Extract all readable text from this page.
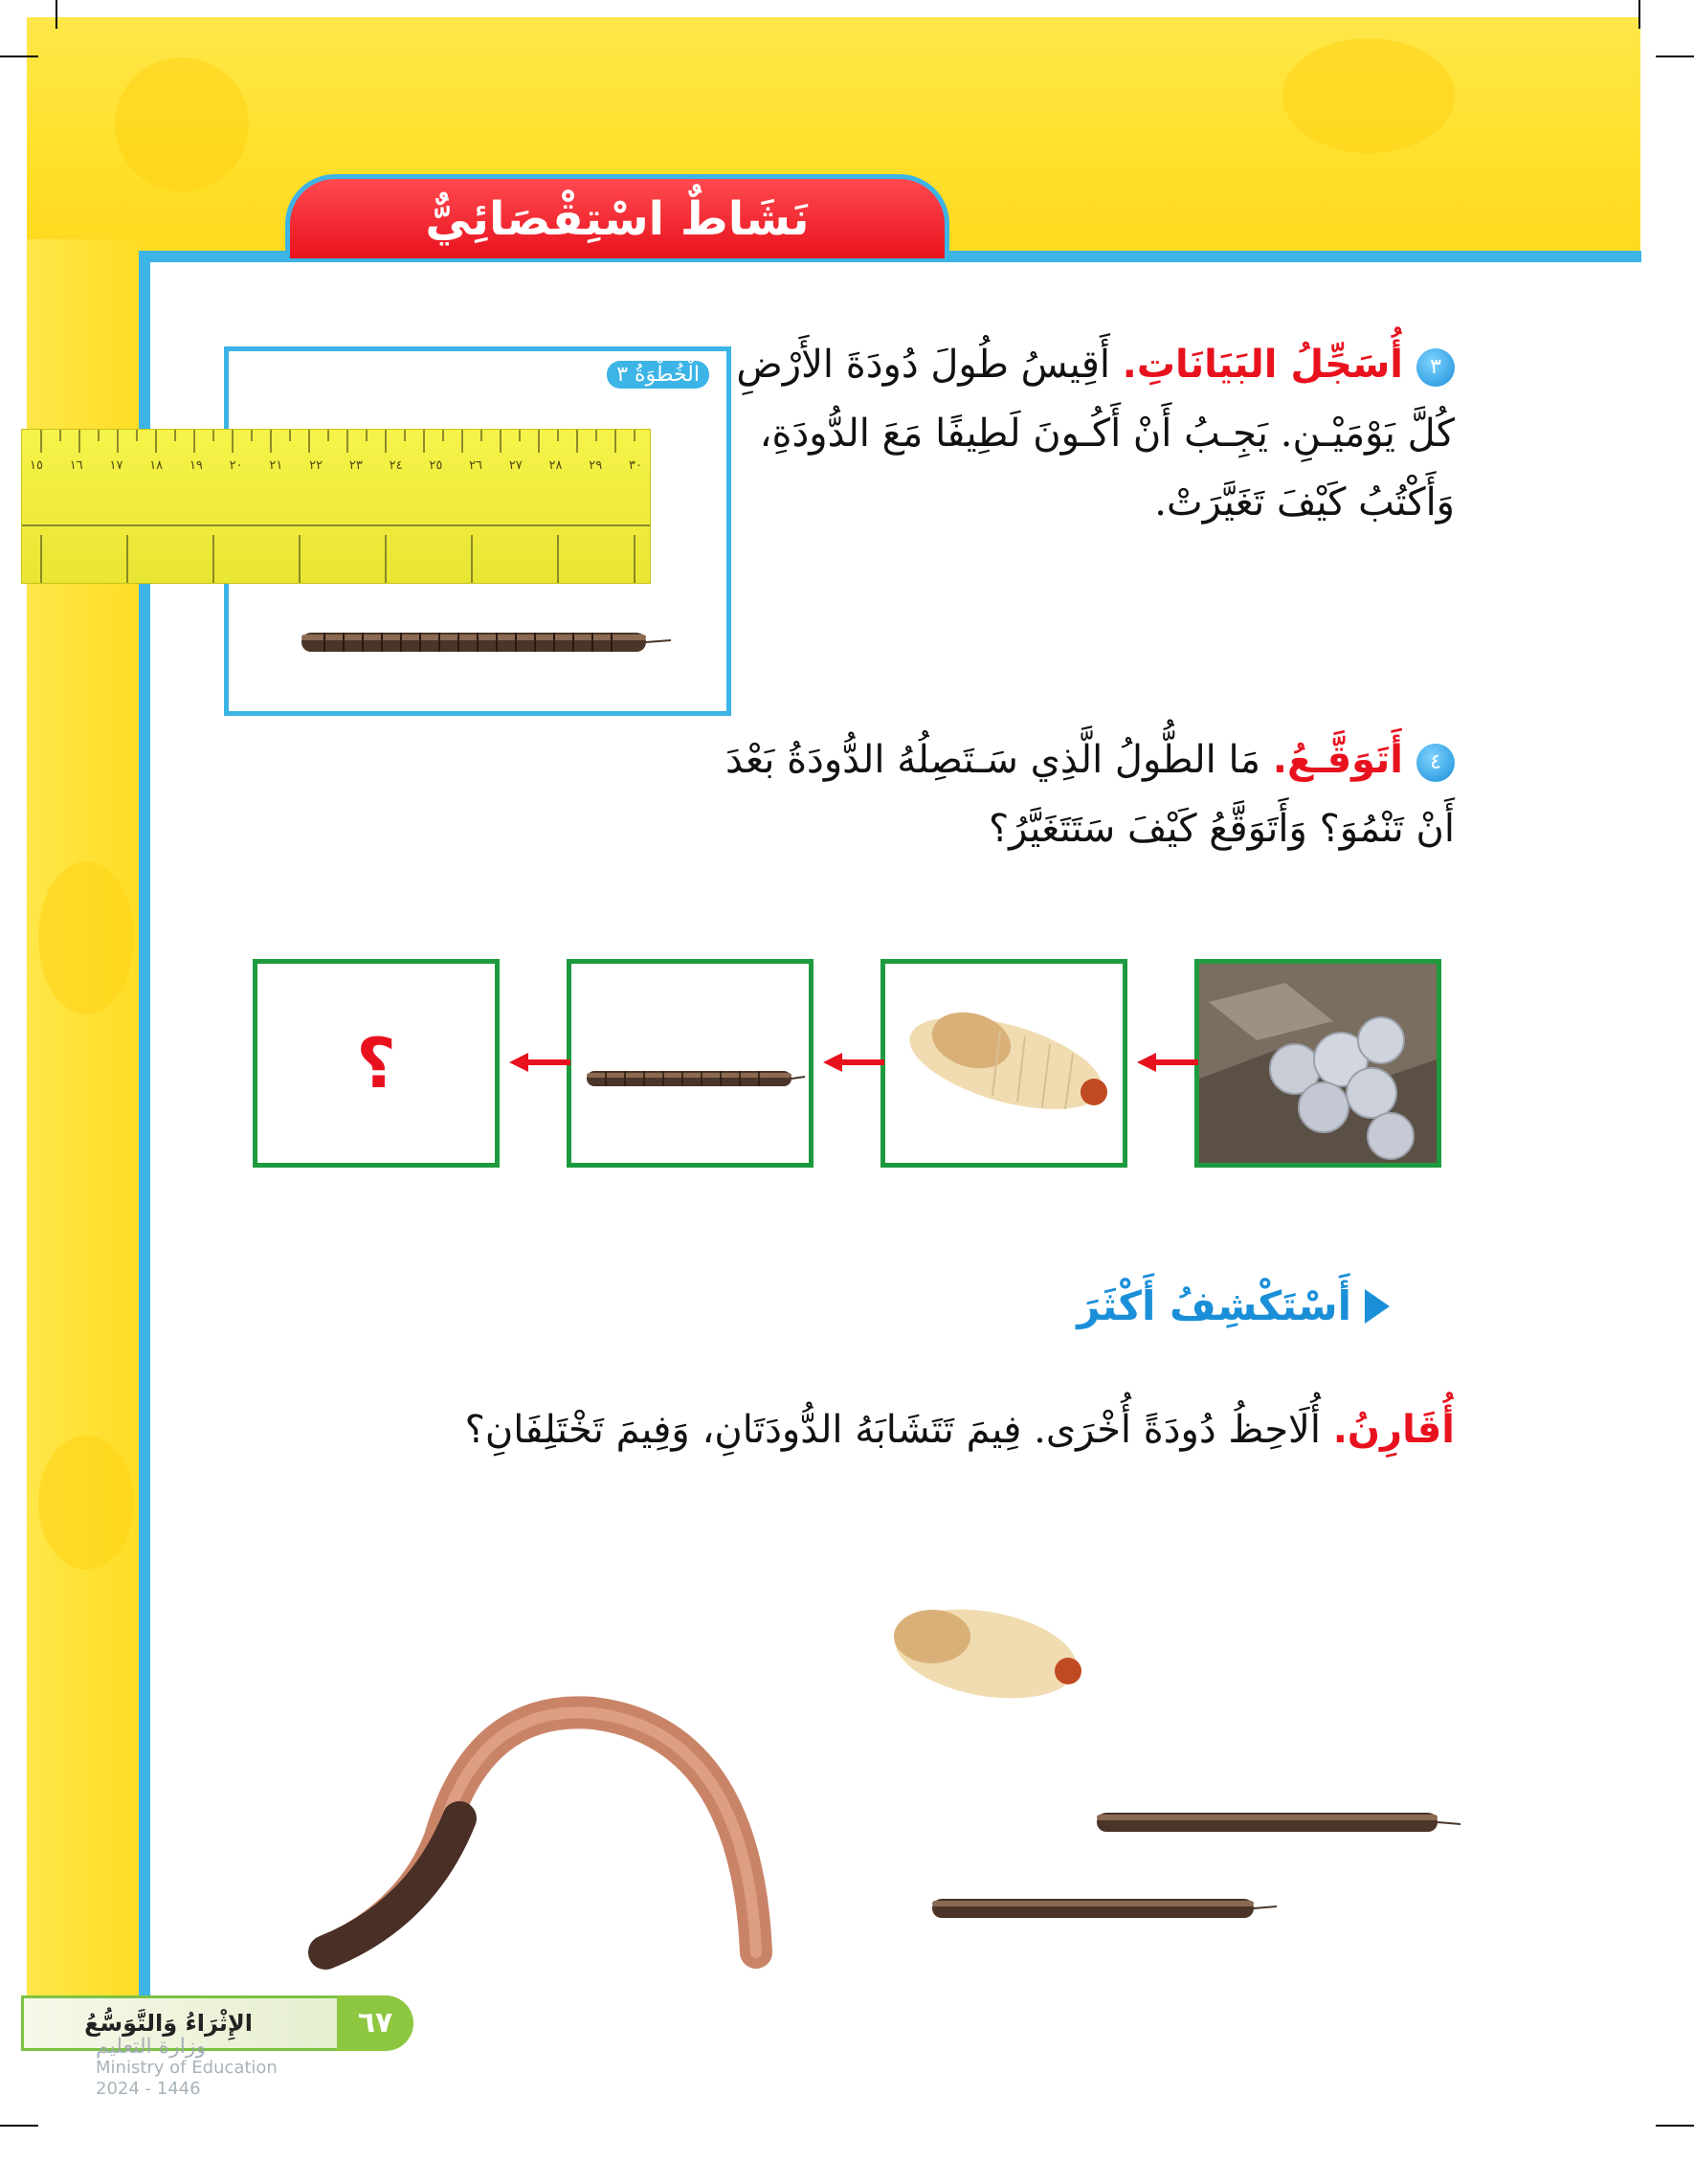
نَشَاطٌ اسْتِقْصَائِيٌّ
٣أُسَجِّلُ البَيَانَاتِ. أَقِيسُ طُولَ دُودَةَ الأَرْضِ كُلَّ يَوْمَيْـنِ. يَجِـبُ أَنْ أَكُـونَ لَطِيفًا مَعَ الدُّودَةِ، وَأَكْتُبُ كَيْفَ تَغَيَّرَتْ.
الْخُطْوَةُ ٣
١٥ ١٦ ١٧ ١٨ ١٩ ٢٠ ٢١ ٢٢ ٢٣ ٢٤ ٢٥ ٢٦ ٢٧ ٢٨ ٢٩ ٣٠
٤أَتَوَقَّـعُ. مَا الطُّولُ الَّذِي سَـتَصِلُهُ الدُّودَةُ بَعْدَ أَنْ تَنْمُوَ؟ وَأَتَوَقَّعُ كَيْفَ سَتَتَغَيَّرُ؟
؟
أَسْتَكْشِفُ أَكْثَرَ
أُقَارِنُ. أُلَاحِظُ دُودَةً أُخْرَى. فِيمَ تَتَشَابَهُ الدُّودَتَانِ، وَفِيمَ تَخْتَلِفَانِ؟
الإِثْرَاءُ وَالتَّوَسُّعُ	٦٧
وزارة التعليم
Ministry of Education
2024 - 1446
